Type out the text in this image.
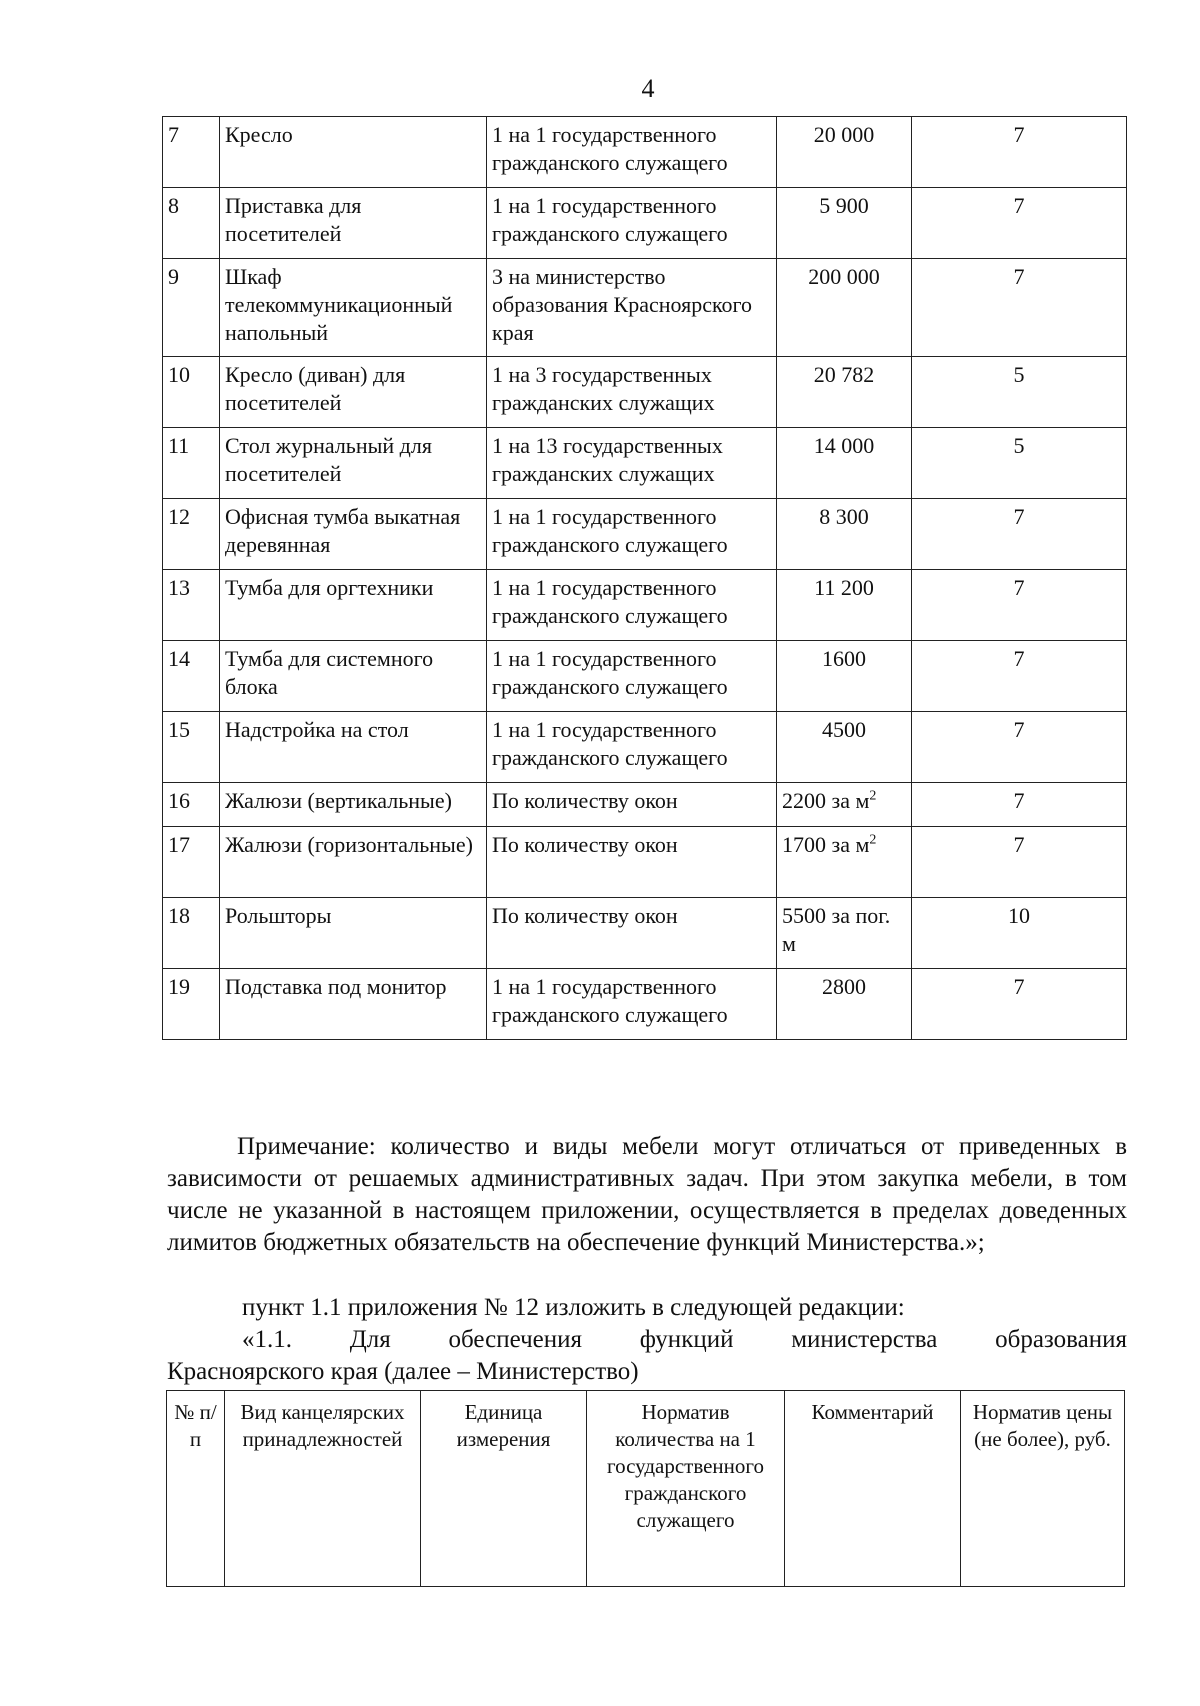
4
7	Кресло	1 на 1 государственного гражданского служащего	20 000	7
8	Приставка для посетителей	1 на 1 государственного гражданского служащего	5 900	7
9	Шкаф телекоммуникационный напольный	3 на министерство образования Красноярского края	200 000	7
10	Кресло (диван) для посетителей	1 на 3 государственных гражданских служащих	20 782	5
11	Стол журнальный для посетителей	1 на 13 государственных гражданских служащих	14 000	5
12	Офисная тумба выкатная деревянная	1 на 1 государственного гражданского служащего	8 300	7
13	Тумба для оргтехники	1 на 1 государственного гражданского служащего	11 200	7
14	Тумба для системного блока	1 на 1 государственного гражданского служащего	1600	7
15	Надстройка на стол	1 на 1 государственного гражданского служащего	4500	7
16	Жалюзи (вертикальные)	По количеству окон	2200 за $м^2$	7
17	Жалюзи (горизонтальные)	По количеству окон	1700 за $м^2$	7
18	Рольшторы	По количеству окон	5500 за пог. м	10
19	Подставка под монитор	1 на 1 государственного гражданского служащего	2800	7
Примечание: количество и виды мебели могут отличаться от приведенных в зависимости от решаемых административных задач. При этом закупка мебели, в том числе не указанной в настоящем приложении, осуществляется в пределах доведенных лимитов бюджетных обязательств на обеспечение функций Министерства.»;
пункт 1.1 приложения № 12 изложить в следующей редакции:
«1.1. Для обеспечения функций министерства образования
Красноярского края (далее – Министерство)
№ п/п	Вид канцелярских принадлежностей	Единица измерения	Норматив количества на 1 государственного гражданского служащего	Комментарий	Норматив цены (не более), руб.
